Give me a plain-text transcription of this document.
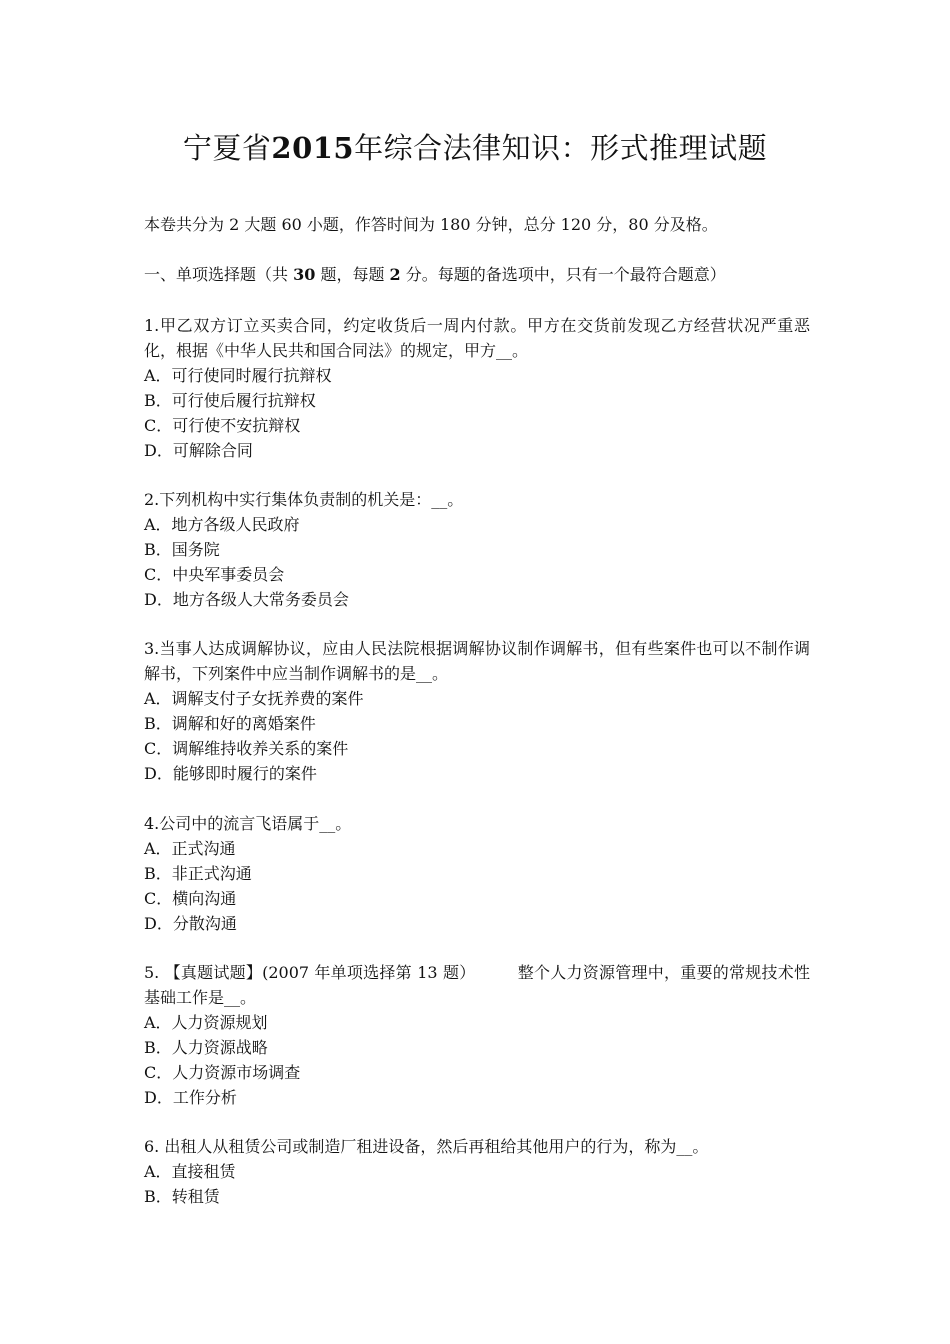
宁夏省2015年综合法律知识：形式推理试题
本卷共分为 2 大题 60 小题，作答时间为 180 分钟，总分 120 分，80 分及格。
一、单项选择题（共 30 题，每题 2 分。每题的备选项中，只有一个最符合题意）

1.甲乙双方订立买卖合同，约定收货后一周内付款。甲方在交货前发现乙方经营状况严重恶化，根据《中华人民共和国合同法》的规定，甲方__。

A．可行使同时履行抗辩权

B．可行使后履行抗辩权

C．可行使不安抗辩权

D．可解除合同

2.下列机构中实行集体负责制的机关是：__。

A．地方各级人民政府

B．国务院

C．中央军事委员会

D．地方各级人大常务委员会

3.当事人达成调解协议，应由人民法院根据调解协议制作调解书，但有些案件也可以不制作调解书，下列案件中应当制作调解书的是__。

A．调解支付子女抚养费的案件

B．调解和好的离婚案件

C．调解维持收养关系的案件

D．能够即时履行的案件

4.公司中的流言飞语属于__。

A．正式沟通

B．非正式沟通

C．横向沟通

D．分散沟通

5. 【真题试题】(2007 年单项选择第 13 题）	整个人力资源管理中，重要的常规技术性基础工作是__。

A．人力资源规划

B．人力资源战略

C．人力资源市场调查

D．工作分析

6. 出租人从租赁公司或制造厂租进设备，然后再租给其他用户的行为，称为__。

A．直接租赁

B．转租赁
